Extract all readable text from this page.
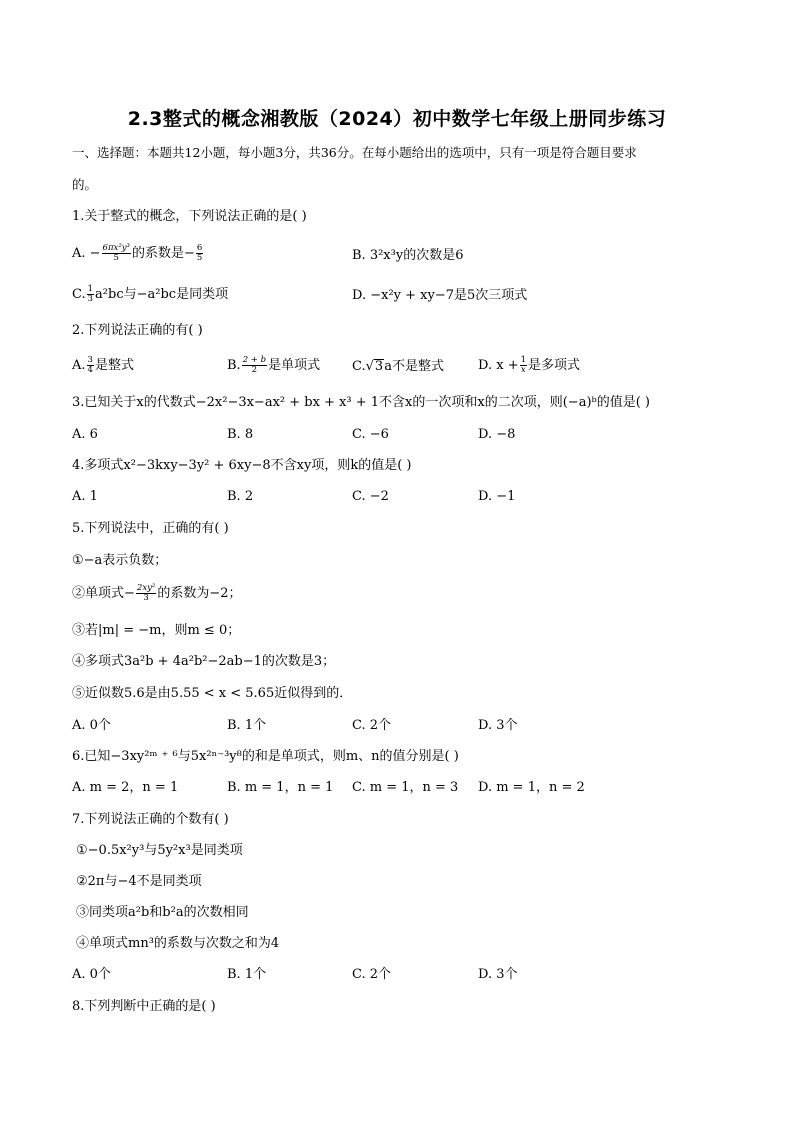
2.3整式的概念湘教版（2024）初中数学七年级上册同步练习
一、选择题：本题共12小题，每小题3分，共36分。在每小题给出的选项中，只有一项是符合题目要求
的。
1.关于整式的概念，下列说法正确的是( )
A. − $\frac{\text{6πx²y³}}{5}$ 的系数是− $\frac{6}{5}$	B. 3²x³y的次数是6
C. $\frac{1}{3} a^2bc$与−a²bc是同类项	D. −x²y + xy−7是5次三项式
2.下列说法正确的有( )
A. $\frac{3}{4}$ 是整式	B. $\frac{2 + b}{2}$ 是单项式 C.√3a不是整式	D. $x + \frac{1}{x}$ 是多项式
3.已知关于x的代数式−2x²−3x−ax² + bx + x³ + 1不含x的一次项和x的二次项，则(−a)ᵇ的值是( )
A. 6	B. 8	C. −6	D. −8
4.多项式x²−3kxy−3y² + 6xy−8不含xy项，则k的值是( )
A. 1	B. 2	C. −2	D. −1
5.下列说法中，正确的有( )
①−a表示负数；
②单项式− $\frac{\text{2xy²}}{3}$ 的系数为−2；
③若|m| = −m，则m ≤ 0；
④多项式3a²b + 4a²b²−2ab−1的次数是3；
⑤近似数5.6是由5.55 < x < 5.65近似得到的．
A. 0个	B. 1个	C. 2个	D. 3个
6.已知−3xy²ᵐ ⁺ ⁶与5x²ⁿ⁻³y⁸的和是单项式，则m、n的值分别是( )
A. m = 2，n = 1	B. m = 1，n = 1 C. m = 1，n = 3 D. m = 1，n = 2
7.下列说法正确的个数有( )
①−0.5x²y³与5y²x³是同类项
②2π与−4不是同类项
③同类项a²b和b²a的次数相同
④单项式mn³的系数与次数之和为4
A. 0个	B. 1个	C. 2个	D. 3个
8.下列判断中正确的是( )
